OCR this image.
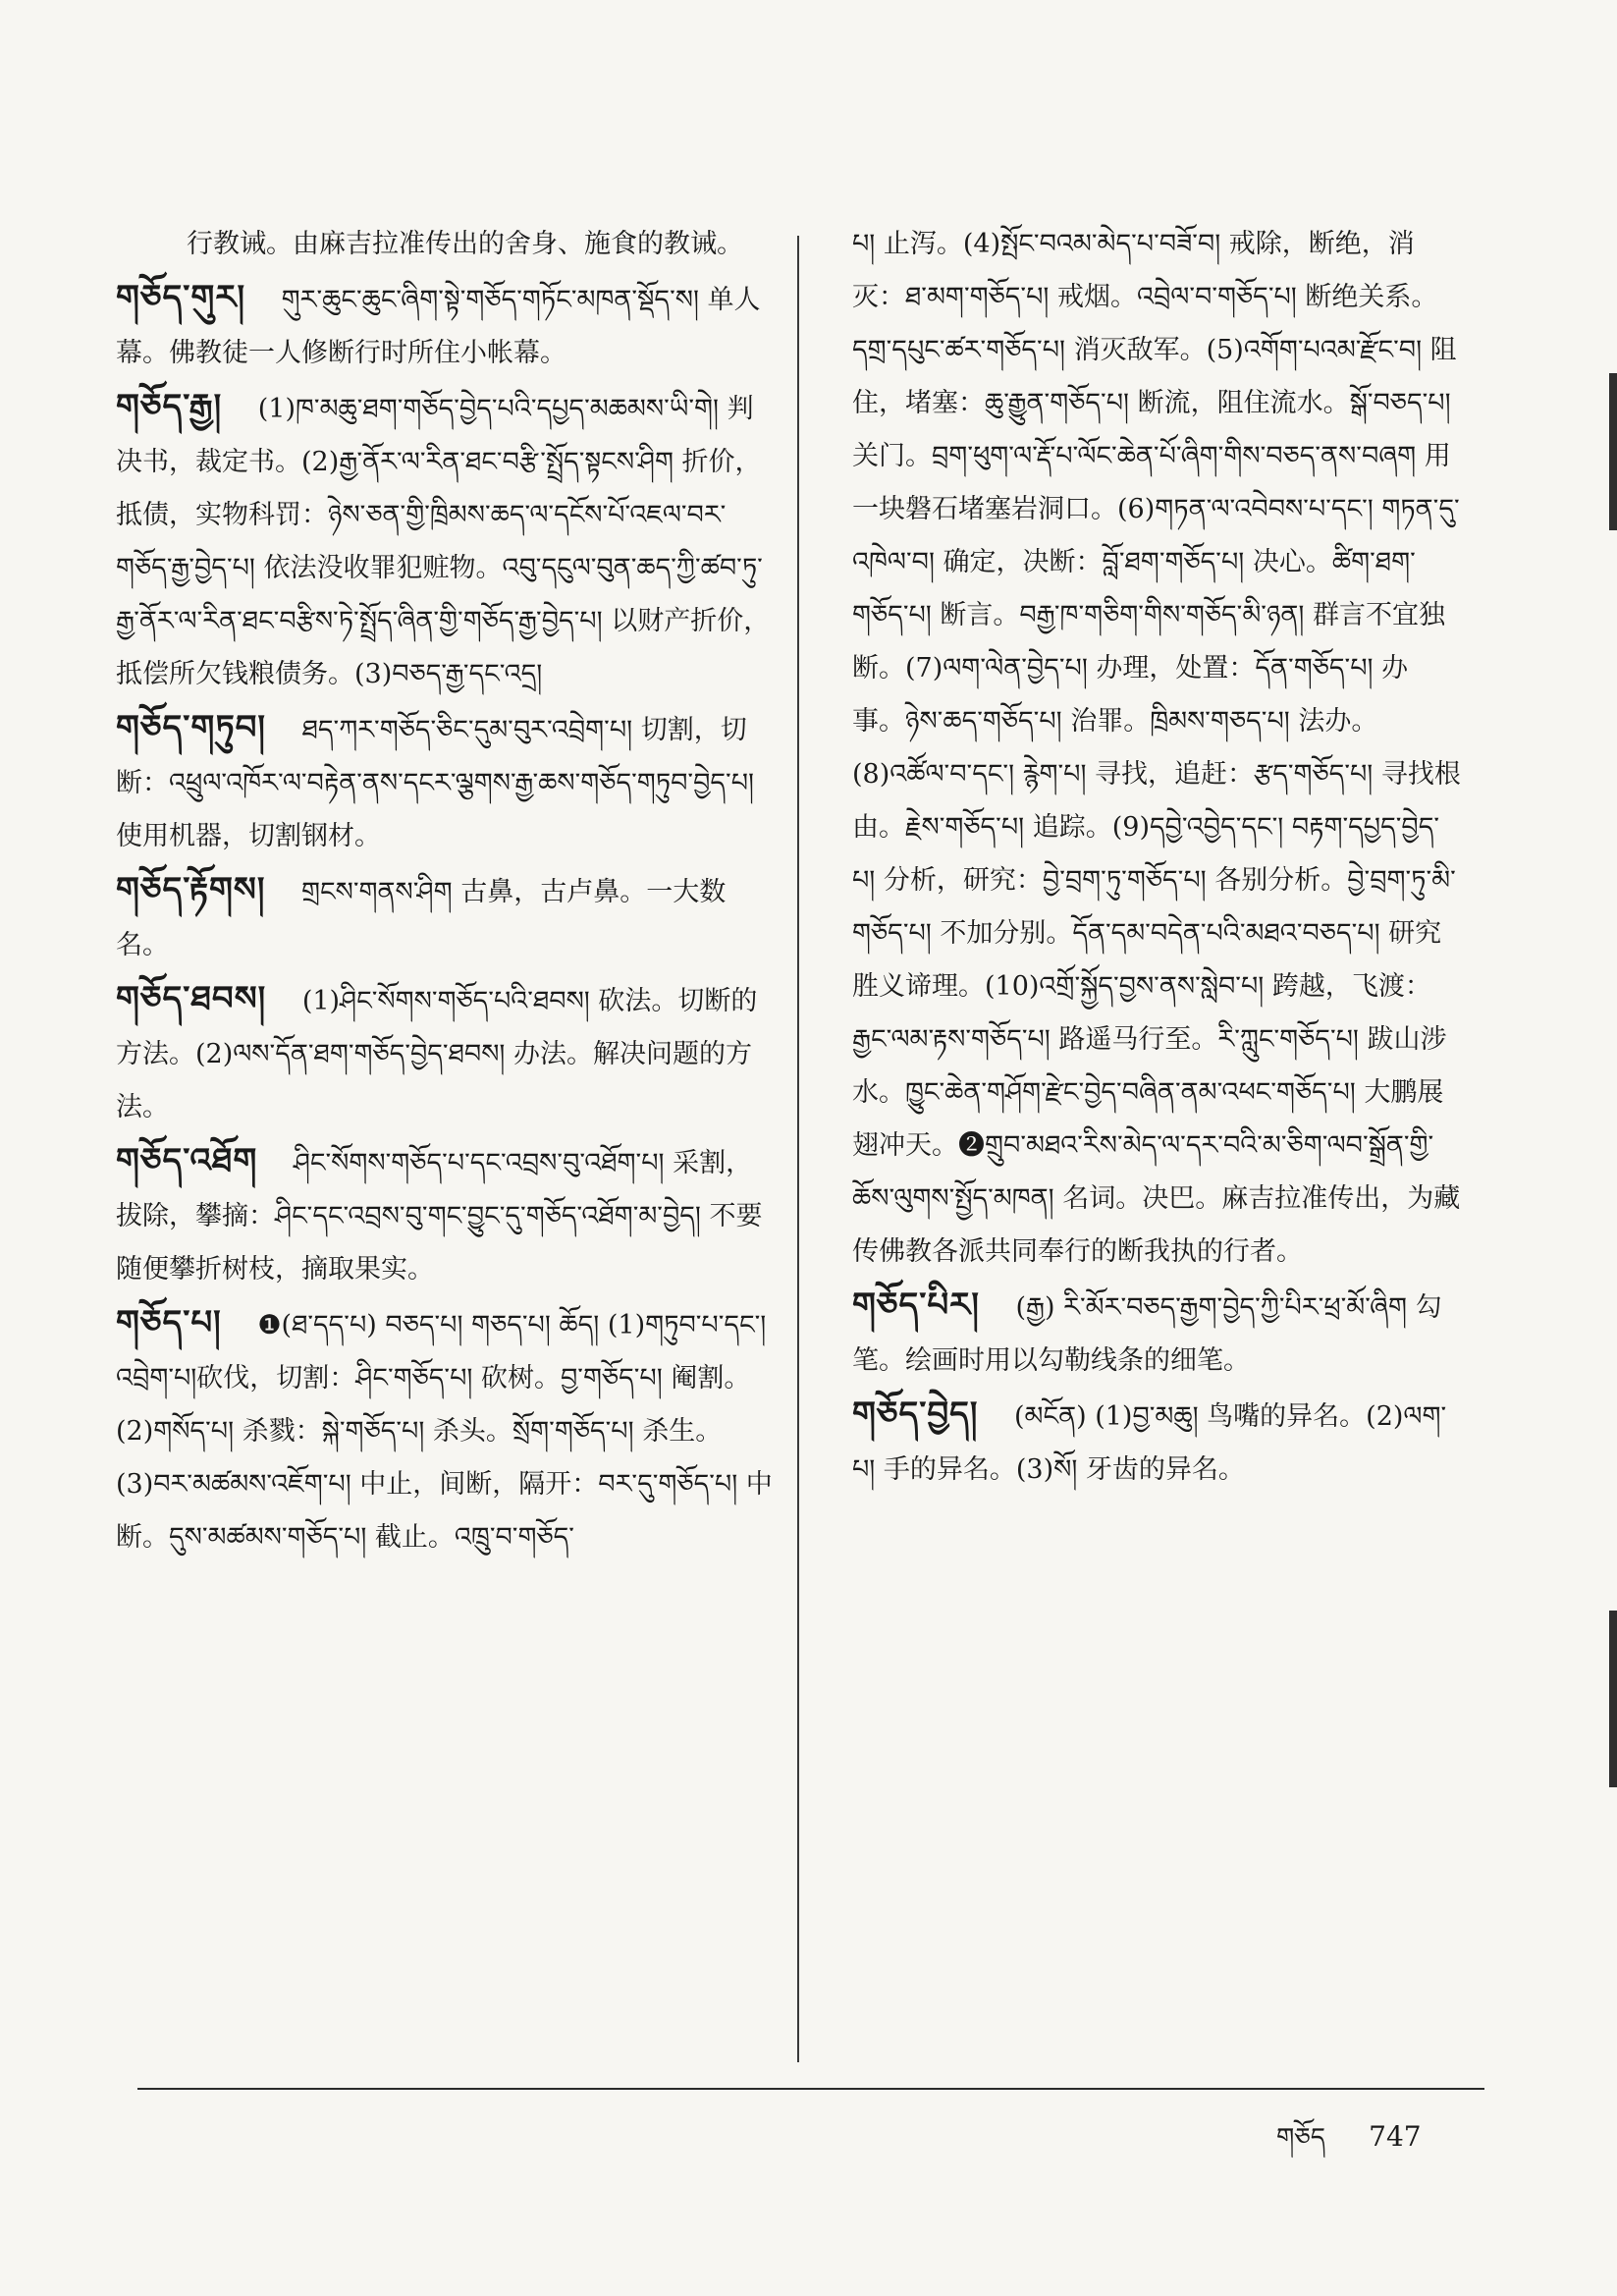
行教诫。由麻吉拉准传出的舍身、施食的教诫。
གཅོད་གུར། གུར་ཆུང་ཆུང་ཞིག་སྟེ་གཅོད་གཏོང་མཁན་སྡོད་ས། 单人幕。佛教徒一人修断行时所住小帐幕。
གཅོད་རྒྱ། (1)ཁ་མཆུ་ཐག་གཅོད་བྱེད་པའི་དཔྱད་མཆམས་ཡི་གེ། 判决书，裁定书。(2)རྒྱ་ནོར་ལ་རིན་ཐང་བརྩི་སྤྲོད་སྟངས་ཤིག 折价，抵债，实物科罚：ཉེས་ཅན་གྱི་ཁྲིམས་ཆད་ལ་དངོས་པོ་འཇལ་བར་གཅོད་རྒྱ་བྱེད་པ། 依法没收罪犯赃物。འབུ་དངུལ་བུན་ཆད་ཀྱི་ཚབ་ཏུ་རྒྱ་ནོར་ལ་རིན་ཐང་བརྩིས་ཏེ་སྤྲོད་ཞིན་གྱི་གཅོད་རྒྱ་བྱེད་པ། 以财产折价，抵偿所欠钱粮债务。(3)བཅད་རྒྱ་དང་འདྲ།
གཅོད་གཏུབ། ཐད་ཀར་གཅོད་ཅིང་དུམ་བུར་འབྲེག་པ། 切割，切断：འཕྲུལ་འཁོར་ལ་བརྟེན་ནས་དངར་ལྕགས་རྒྱ་ཆས་གཅོད་གཏུབ་བྱེད་པ། 使用机器，切割钢材。
གཅོད་རྟོགས། གྲངས་གནས་ཤིག 古鼻，古卢鼻。一大数名。
གཅོད་ཐབས། (1)ཤིང་སོགས་གཅོད་པའི་ཐབས། 砍法。切断的方法。(2)ལས་དོན་ཐག་གཅོད་བྱེད་ཐབས། 办法。解决问题的方法。
གཅོད་འཐོག ཤིང་སོགས་གཅོད་པ་དང་འབྲས་བུ་འཐོག་པ། 采割，拔除，攀摘：ཤིང་དང་འབྲས་བུ་གང་བྱུང་དུ་གཅོད་འཐོག་མ་བྱེད། 不要随便攀折树枝，摘取果实。
གཅོད་པ། ❶(ཐ་དད་པ) བཅད་པ། གཅད་པ། ཆོད། (1)གཏུབ་པ་དང་། འབྲེག་པ།砍伐，切割：ཤིང་གཅོད་པ། 砍树。བྱ་གཅོད་པ། 阉割。(2)གསོད་པ། 杀戮：སྐེ་གཅོད་པ། 杀头。སྲོག་གཅོད་པ། 杀生。(3)བར་མཚམས་འཇོག་པ། 中止，间断，隔开：བར་དུ་གཅོད་པ། 中断。དུས་མཚམས་གཅོད་པ། 截止。འཁྲུ་བ་གཅོད་
པ། 止泻。(4)སྤོང་བའམ་མེད་པ་བཟོ་བ། 戒除，断绝，消灭：ཐ་མག་གཅོད་པ། 戒烟。འབྲེལ་བ་གཅོད་པ། 断绝关系。དགྲ་དཔུང་ཚར་གཅོད་པ། 消灭敌军。(5)འགོག་པའམ་རྫོང་བ། 阻住，堵塞：ཆུ་རྒྱུན་གཅོད་པ། 断流，阻住流水。སྒོ་བཅད་པ། 关门。བྲག་ཕུག་ལ་རྡོ་པ་ལོང་ཆེན་པོ་ཞིག་གིས་བཅད་ནས་བཞག 用一块磐石堵塞岩洞口。(6)གཏན་ལ་འབེབས་པ་དང་། གཏན་དུ་འཁེལ་བ། 确定，决断：བློ་ཐག་གཅོད་པ། 决心。ཚིག་ཐག་གཅོད་པ། 断言。བརྒྱ་ཁ་གཅིག་གིས་གཅོད་མི་ཉན། 群言不宜独断。(7)ལག་ལེན་བྱེད་པ། 办理，处置：དོན་གཅོད་པ། 办事。ཉེས་ཆད་གཅོད་པ། 治罪。ཁྲིམས་གཅད་པ། 法办。(8)འཚོལ་བ་དང་། རྙེག་པ། 寻找，追赶：རྩད་གཅོད་པ། 寻找根由。རྗེས་གཅོད་པ། 追踪。(9)དབྱེ་འབྱེད་དང་། བརྟག་དཔྱད་བྱེད་པ། 分析，研究：བྱེ་བྲག་ཏུ་གཅོད་པ། 各别分析。བྱེ་བྲག་ཏུ་མི་གཅོད་པ། 不加分别。དོན་དམ་བདེན་པའི་མཐའ་བཅད་པ། 研究胜义谛理。(10)འགྲོ་སྐྱོད་བྱས་ནས་སླེབ་པ། 跨越，飞渡：རྒྱང་ལམ་རྟས་གཅོད་པ། 路遥马行至。རི་ཀླུང་གཅོད་པ། 跋山涉水。ཁྱུང་ཆེན་གཤོག་རྫེང་བྱེད་བཞིན་ནམ་འཕང་གཅོད་པ། 大鹏展翅冲天。❷གྲུབ་མཐའ་རིས་མེད་ལ་དར་བའི་མ་ཅིག་ལབ་སྒྲོན་གྱི་ཆོས་ལུགས་སྤྱོད་མཁན། 名词。决巴。麻吉拉准传出，为藏传佛教各派共同奉行的断我执的行者。
གཅོད་པིར། (རྒྱ) རི་མོར་བཅད་རྒྱག་བྱེད་ཀྱི་པིར་ཕྲ་མོ་ཞིག 勾笔。绘画时用以勾勒线条的细笔。
གཅོད་བྱེད། (མངོན) (1)བྱ་མཆུ། 鸟嘴的异名。(2)ལག་པ། 手的异名。(3)སོ། 牙齿的异名。
གཅོད 747
